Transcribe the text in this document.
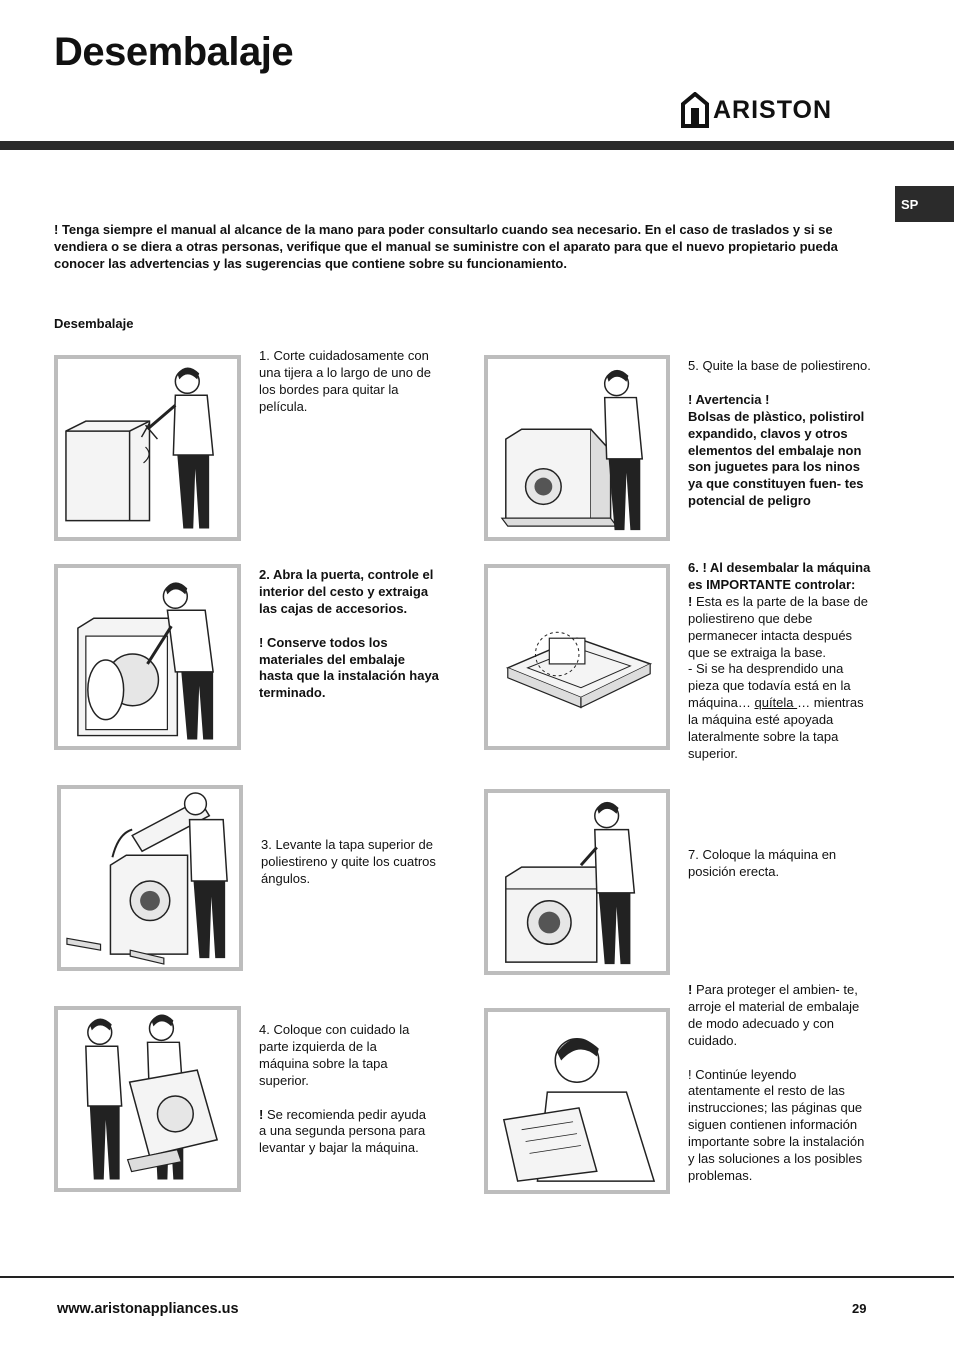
Desembalaje
ARISTON
SP
! Tenga siempre el manual al alcance de la mano para poder consultarlo cuando sea necesario. En el caso de traslados y si se vendiera o se diera a otras personas, verifique que el manual se suministre con el aparato para que el nuevo propietario pueda conocer las advertencias y las sugerencias que contiene sobre su funcionamiento.
Desembalaje

1. Corte cuidadosamente con una tijera a lo largo de uno de los bordes para quitar la película.

2. Abra la puerta, controle el interior del cesto y extraiga las cajas de accesorios.

! Conserve todos los materiales del embalaje hasta que la instalación haya terminado.

3. Levante la tapa superior de poliestireno y quite los cuatros ángulos.

4. Coloque con cuidado la parte izquierda de la máquina sobre la tapa superior.

! Se recomienda pedir ayuda a una segunda persona para levantar y bajar la máquina.

5. Quite la base de poliestireno.

! Avertencia !

Bolsas de plàstico, polistirol expandido, clavos y otros elementos del embalaje non son juguetes para los ninos ya que constituyen fuen- tes potencial de peligro

6. ! Al desembalar la máquina es IMPORTANTE controlar:

! Esta es la parte de la base de poliestireno que debe permanecer intacta después que se extraiga la base.

- Si se ha desprendido una pieza que todavía está en la máquina… quítela … mientras la máquina esté apoyada lateralmente sobre la tapa superior.

7. Coloque la máquina en posición erecta.

! Para proteger el ambien- te, arroje el material de embalaje de modo adecuado y con cuidado.

! Continúe leyendo atentamente el resto de las instrucciones; las páginas que siguen contienen información importante sobre la instalación y las soluciones a los posibles problemas.

www.aristonappliances.us	29
